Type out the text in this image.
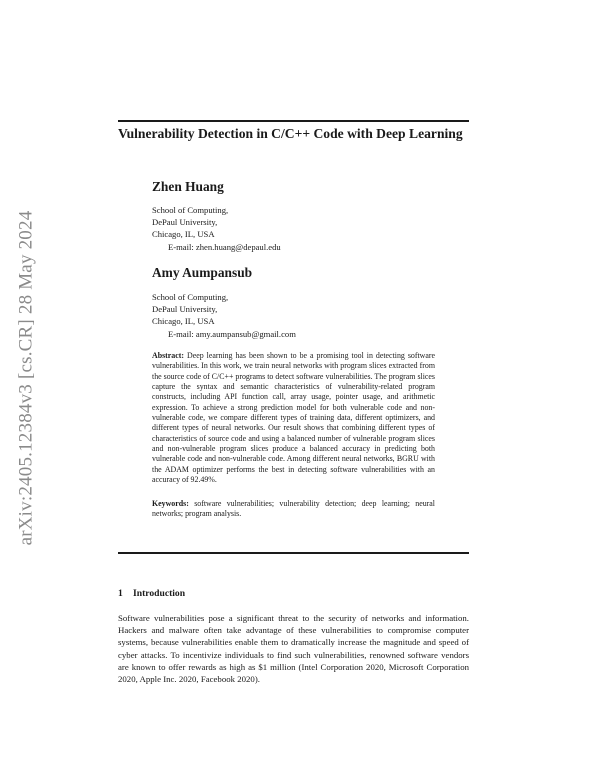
arXiv:2405.12384v3 [cs.CR] 28 May 2024
Vulnerability Detection in C/C++ Code with Deep Learning
Zhen Huang
School of Computing,
DePaul University,
Chicago, IL, USA
E-mail: zhen.huang@depaul.edu
Amy Aumpansub
School of Computing,
DePaul University,
Chicago, IL, USA
E-mail: amy.aumpansub@gmail.com

Abstract: Deep learning has been shown to be a promising tool in detecting software vulnerabilities. In this work, we train neural networks with program slices extracted from the source code of C/C++ programs to detect software vulnerabilities. The program slices capture the syntax and semantic characteristics of vulnerability-related program constructs, including API function call, array usage, pointer usage, and arithmetic expression. To achieve a strong prediction model for both vulnerable code and non-vulnerable code, we compare different types of training data, different optimizers, and different types of neural networks. Our result shows that combining different types of characteristics of source code and using a balanced number of vulnerable program slices and non-vulnerable program slices produce a balanced accuracy in predicting both vulnerable code and non-vulnerable code. Among different neural networks, BGRU with the ADAM optimizer performs the best in detecting software vulnerabilities with an accuracy of 92.49%.

Keywords: software vulnerabilities; vulnerability detection; deep learning; neural networks; program analysis.

1 Introduction

Software vulnerabilities pose a significant threat to the security of networks and information. Hackers and malware often take advantage of these vulnerabilities to compromise computer systems, because vulnerabilities enable them to dramatically increase the magnitude and speed of cyber attacks. To incentivize individuals to find such vulnerabilities, renowned software vendors are known to offer rewards as high as $1 million (Intel Corporation 2020, Microsoft Corporation 2020, Apple Inc. 2020, Facebook 2020).
